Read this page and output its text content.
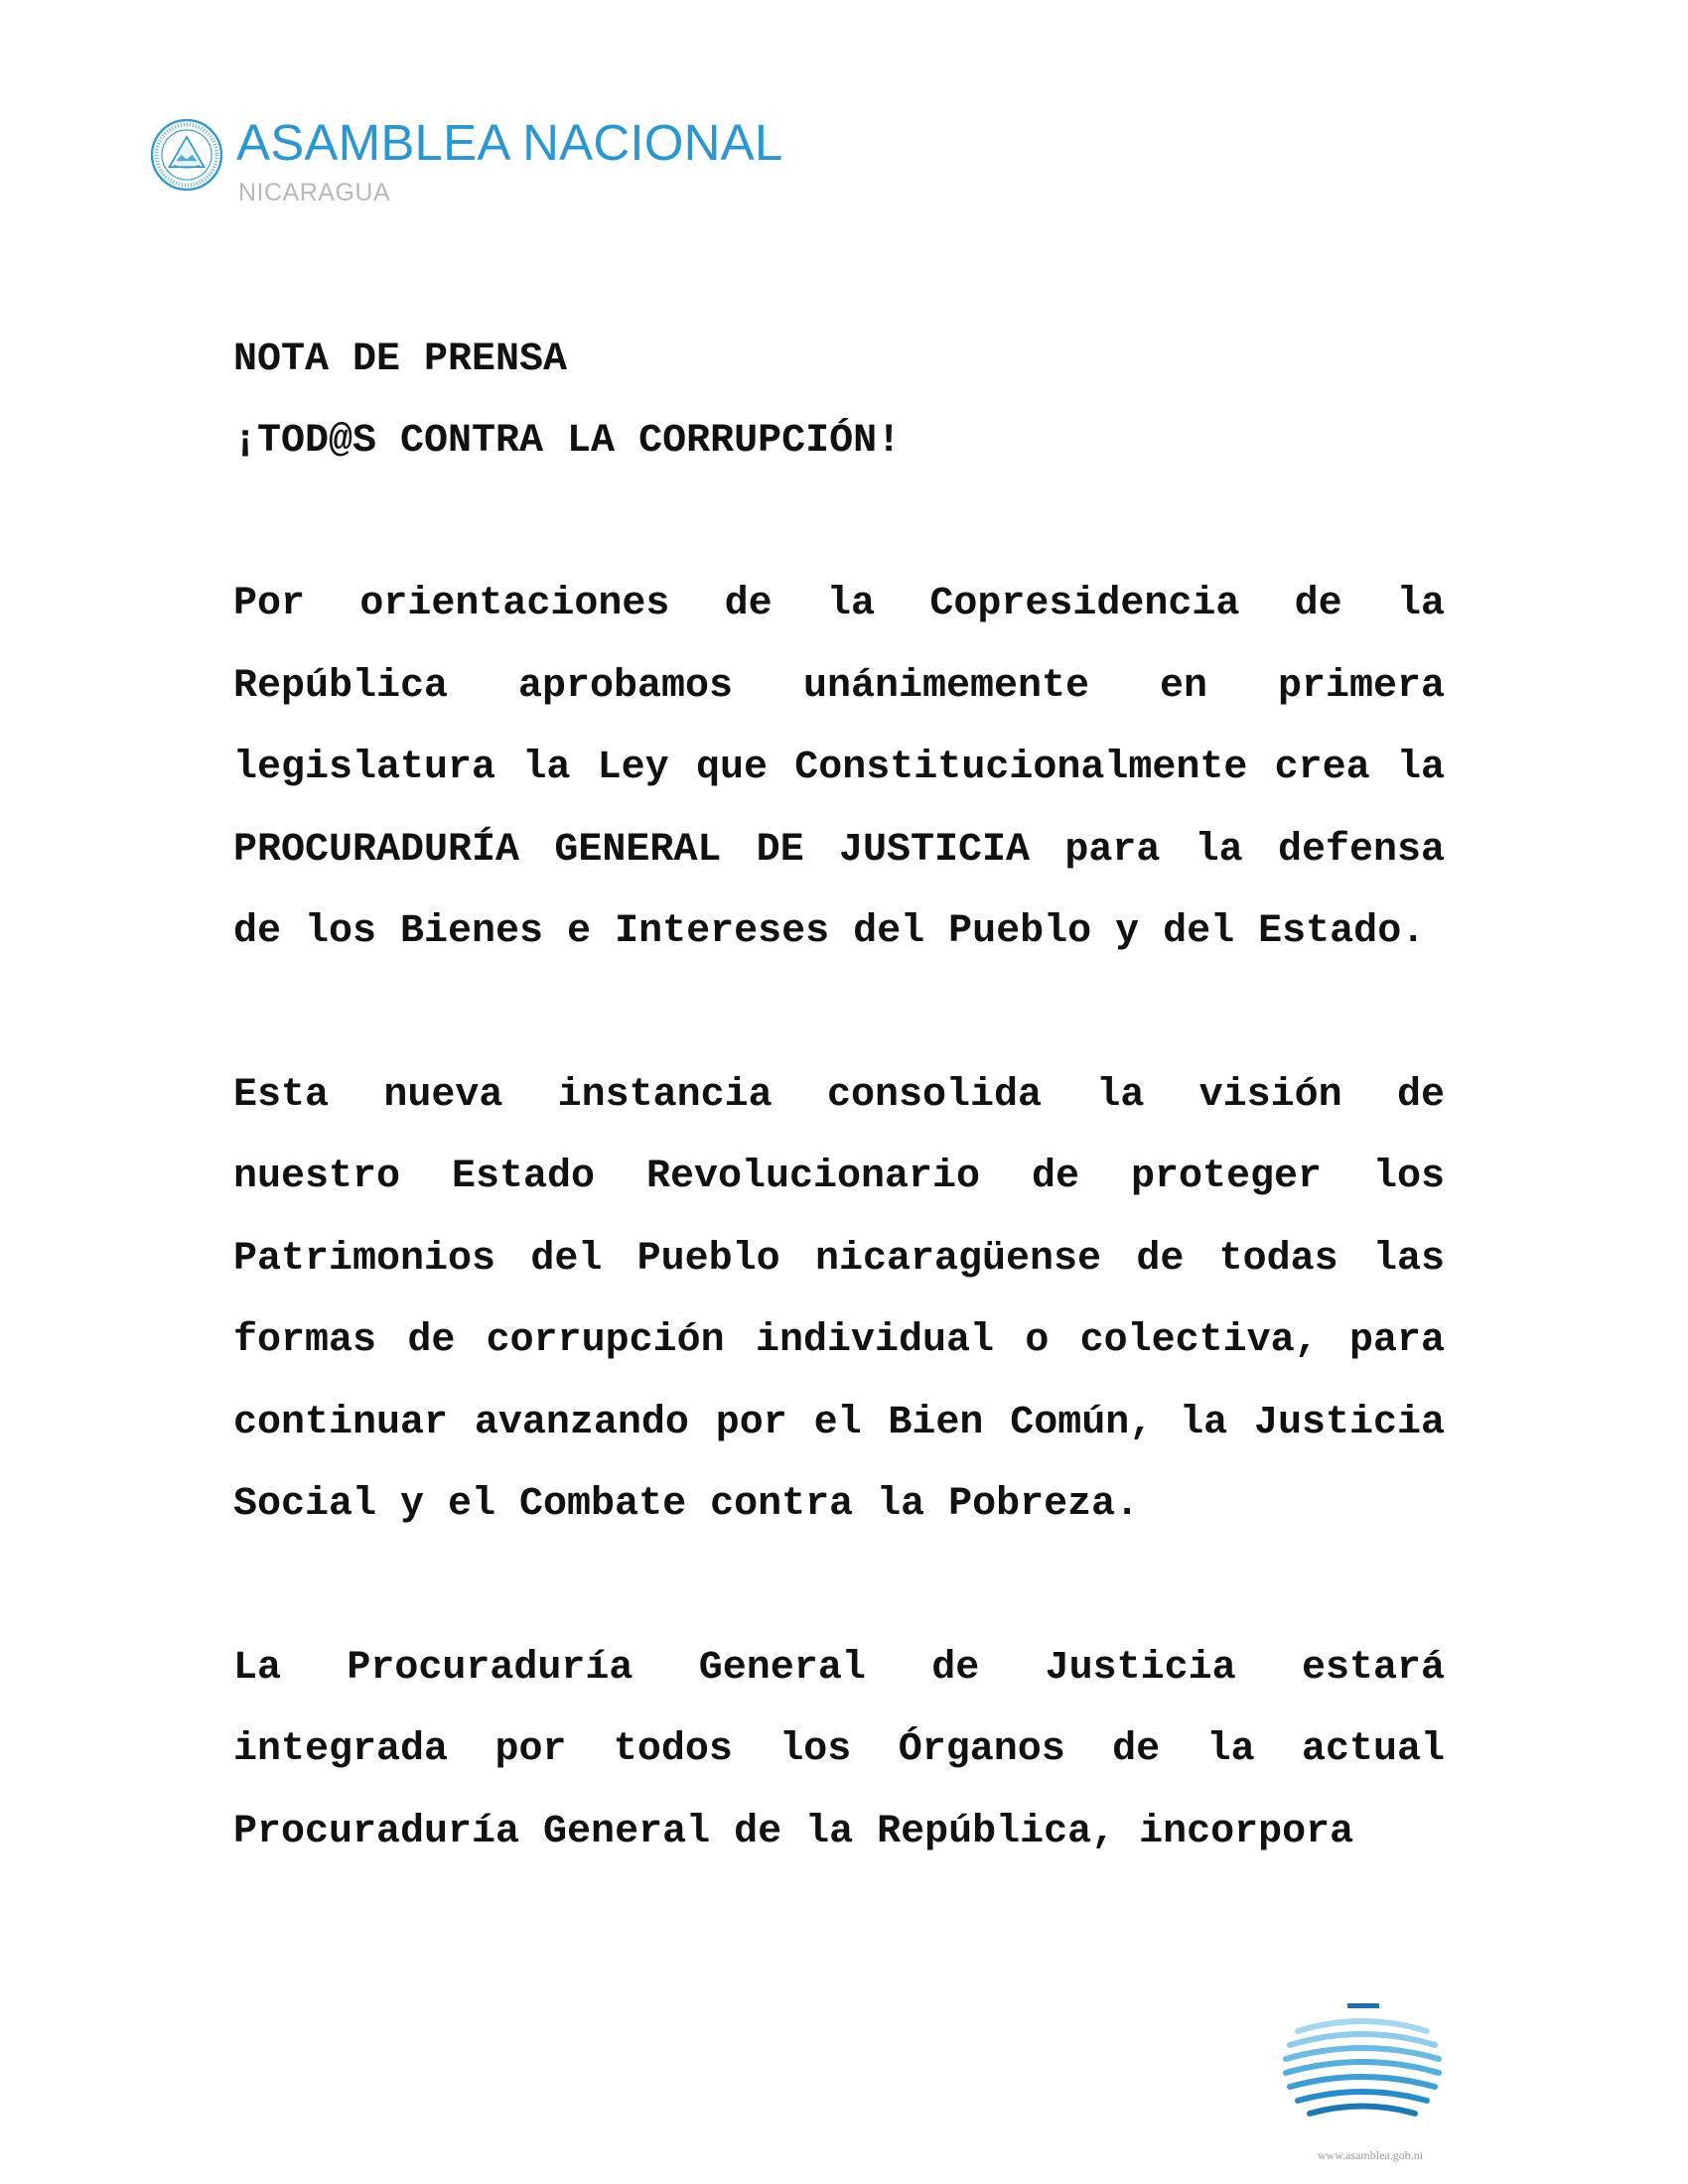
ASAMBLEA NACIONAL
NICARAGUA

NOTA DE PRENSA

¡TOD@S CONTRA LA CORRUPCIÓN!

Por orientaciones de la Copresidencia de la República aprobamos unánimemente en primera legislatura la Ley que Constitucionalmente crea la PROCURADURÍA GENERAL DE JUSTICIA para la defensa de los Bienes e Intereses del Pueblo y del Estado.

Esta nueva instancia consolida la visión de nuestro Estado Revolucionario de proteger los Patrimonios del Pueblo nicaragüense de todas las formas de corrupción individual o colectiva, para continuar avanzando por el Bien Común, la Justicia Social y el Combate contra la Pobreza.

La Procuraduría General de Justicia estará integrada por todos los Órganos de la actual Procuraduría General de la República, incorpora

www.asamblea.gob.ni
